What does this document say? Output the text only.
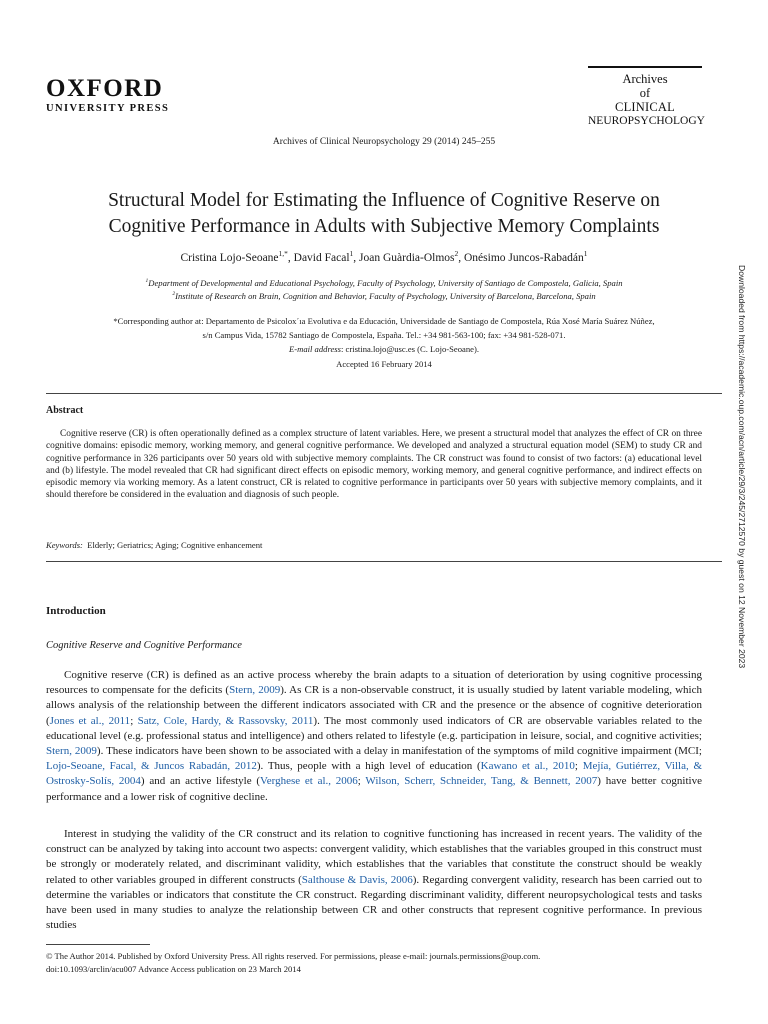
OXFORD
UNIVERSITY PRESS
Archives
of
CLINICAL
NEUROPSYCHOLOGY
Archives of Clinical Neuropsychology 29 (2014) 245–255
Structural Model for Estimating the Influence of Cognitive Reserve on
Cognitive Performance in Adults with Subjective Memory Complaints
Cristina Lojo-Seoane$^{1,*}$, David Facal$^1$, Joan Guàrdia-Olmos$^2$, Onésimo Juncos-Rabadán$^1$
$^1$Department of Developmental and Educational Psychology, Faculty of Psychology, University of Santiago de Compostela, Galicia, Spain
$^2$Institute of Research on Brain, Cognition and Behavior, Faculty of Psychology, University of Barcelona, Barcelona, Spain
*Corresponding author at: Departamento de Psicolox´ıa Evolutiva e da Educación, Universidade de Santiago de Compostela, Rúa Xosé María Suárez Núñez,
s/n Campus Vida, 15782 Santiago de Compostela, España. Tel.: +34 981-563-100; fax: +34 981-528-071.
E-mail address: cristina.lojo@usc.es (C. Lojo-Seoane).
Accepted 16 February 2014
Abstract
Cognitive reserve (CR) is often operationally defined as a complex structure of latent variables. Here, we present a structural model that analyzes the effect of CR on three cognitive domains: episodic memory, working memory, and general cognitive performance. We developed and analyzed a structural equation model (SEM) to study CR and cognitive performance in 326 participants over 50 years old with subjective memory complaints. The CR construct was found to consist of two factors: (a) educational level and (b) lifestyle. The model revealed that CR had significant direct effects on episodic memory, working memory, and general cognitive performance, and indirect effects on episodic memory via working memory. As a latent construct, CR is related to cognitive performance in participants over 50 years with subjective memory complaints, and it should therefore be considered in the evaluation and diagnosis of such people.
Keywords: Elderly; Geriatrics; Aging; Cognitive enhancement
Introduction
Cognitive Reserve and Cognitive Performance
Cognitive reserve (CR) is defined as an active process whereby the brain adapts to a situation of deterioration by using cognitive processing resources to compensate for the deficits (Stern, 2009). As CR is a non-observable construct, it is usually studied by latent variable modeling, which allows analysis of the relationship between the different indicators associated with CR and the presence or the absence of cognitive deterioration (Jones et al., 2011; Satz, Cole, Hardy, & Rassovsky, 2011). The most commonly used indicators of CR are observable variables related to the educational level (e.g. professional status and intelligence) and others related to lifestyle (e.g. participation in leisure, social, and cognitive activities; Stern, 2009). These indicators have been shown to be associated with a delay in manifestation of the symptoms of mild cognitive impairment (MCI; Lojo-Seoane, Facal, & Juncos Rabadán, 2012). Thus, people with a high level of education (Kawano et al., 2010; Mejía, Gutiérrez, Villa, & Ostrosky-Solís, 2004) and an active lifestyle (Verghese et al., 2006; Wilson, Scherr, Schneider, Tang, & Bennett, 2007) have better cognitive performance and a lower risk of cognitive decline.
Interest in studying the validity of the CR construct and its relation to cognitive functioning has increased in recent years. The validity of the construct can be analyzed by taking into account two aspects: convergent validity, which establishes that the variables grouped in this construct must be strongly or moderately related, and discriminant validity, which establishes that the variables that constitute the construct should be weakly related to other variables grouped in different constructs (Salthouse & Davis, 2006). Regarding convergent validity, research has been carried out to determine the variables or indicators that constitute the CR construct. Regarding discriminant validity, different neuropsychological tests and tasks have been used in many studies to analyze the relationship between CR and other constructs that represent cognitive performance. In previous studies
© The Author 2014. Published by Oxford University Press. All rights reserved. For permissions, please e-mail: journals.permissions@oup.com.
doi:10.1093/arclin/acu007 Advance Access publication on 23 March 2014
Downloaded from https://academic.oup.com/acn/article/29/3/245/2712570 by guest on 12 November 2023
